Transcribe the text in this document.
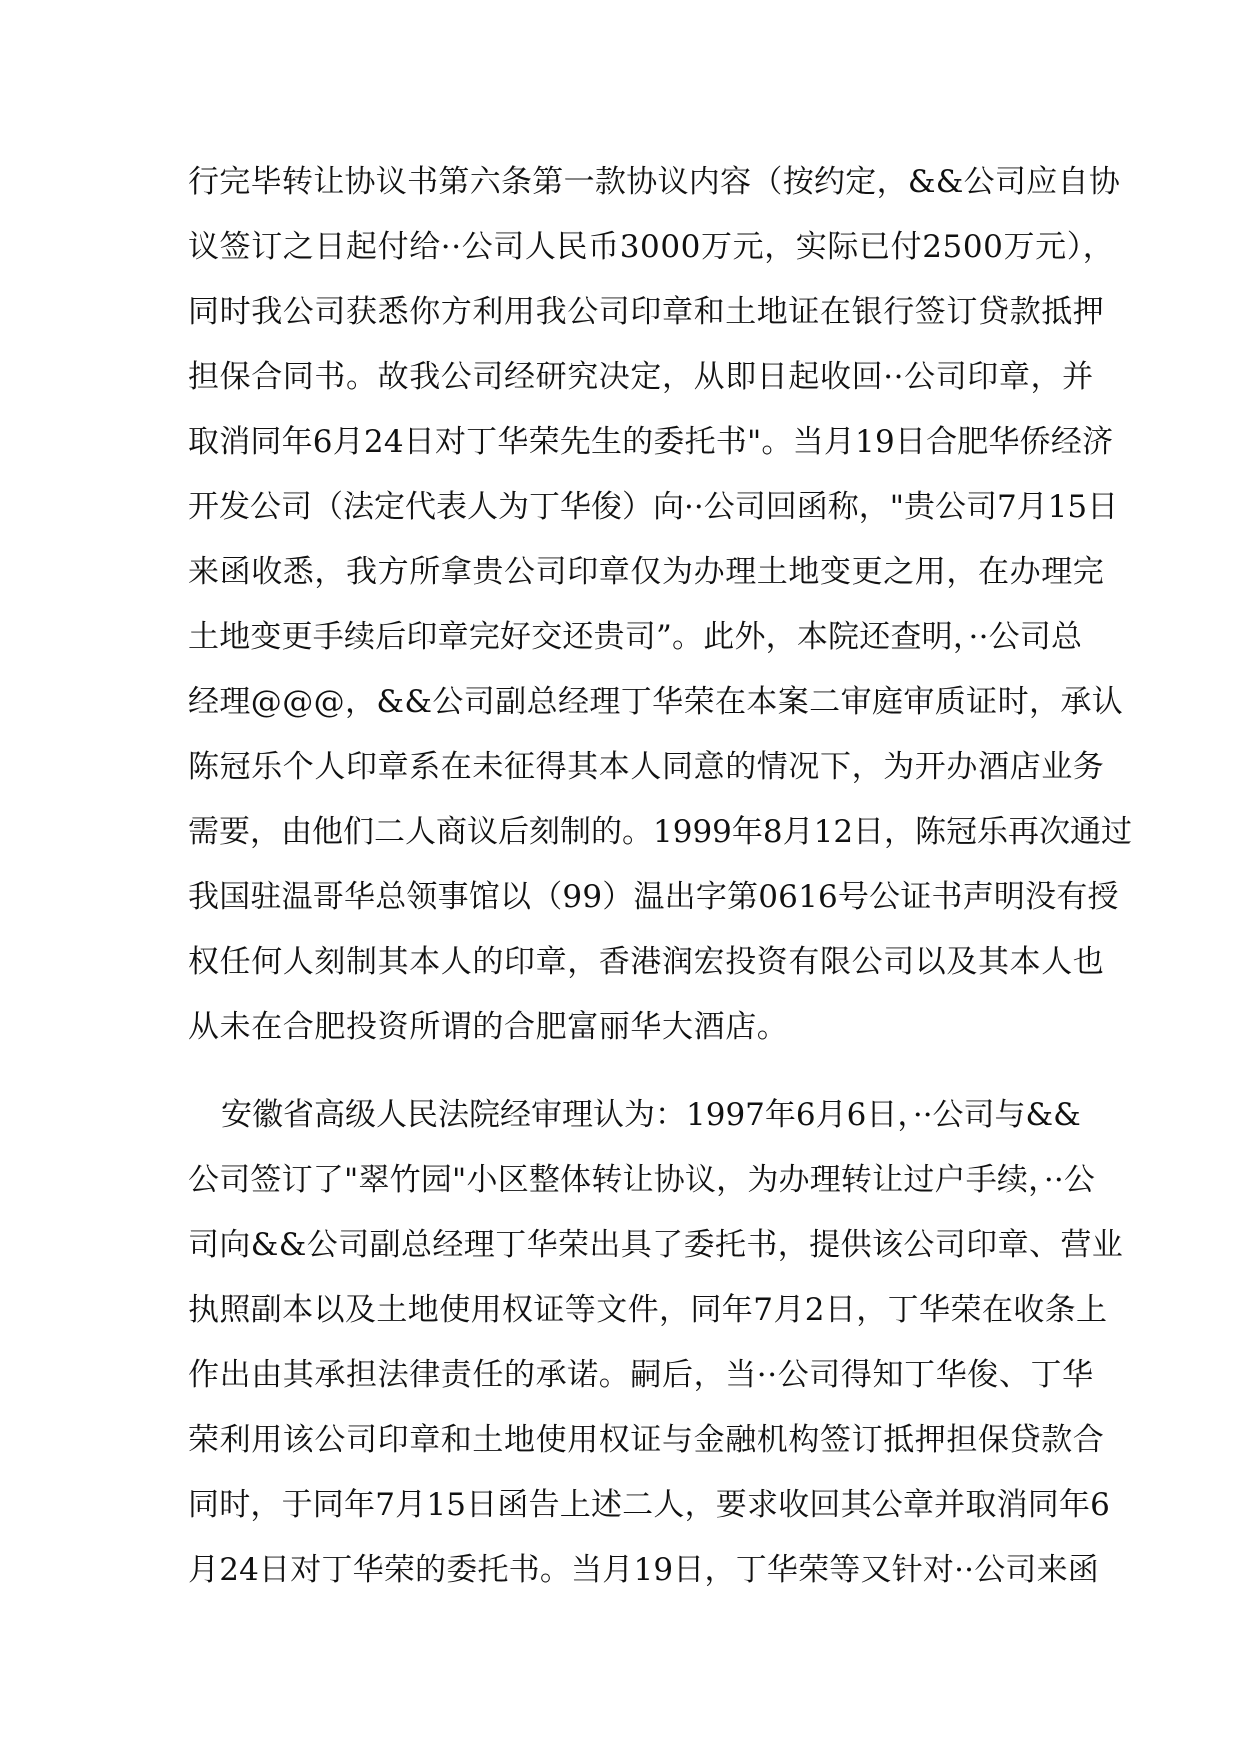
行完毕转让协议书第六条第一款协议内容（按约定，&&公司应自协
议签订之日起付给··公司人民币3000万元，实际已付2500万元），
同时我公司获悉你方利用我公司印章和土地证在银行签订贷款抵押
担保合同书。故我公司经研究决定，从即日起收回··公司印章，并
取消同年6月24日对丁华荣先生的委托书"。当月19日合肥华侨经济
开发公司（法定代表人为丁华俊）向··公司回函称，"贵公司7月15日
来函收悉，我方所拿贵公司印章仅为办理土地变更之用，在办理完
土地变更手续后印章完好交还贵司”。此外，本院还查明，··公司总
经理@@@，&&公司副总经理丁华荣在本案二审庭审质证时，承认
陈冠乐个人印章系在未征得其本人同意的情况下，为开办酒店业务
需要，由他们二人商议后刻制的。1999年8月12日，陈冠乐再次通过
我国驻温哥华总领事馆以（99）温出字第0616号公证书声明没有授
权任何人刻制其本人的印章，香港润宏投资有限公司以及其本人也
从未在合肥投资所谓的合肥富丽华大酒店。
安徽省高级人民法院经审理认为：1997年6月6日，··公司与&&
公司签订了"翠竹园"小区整体转让协议，为办理转让过户手续，··公
司向&&公司副总经理丁华荣出具了委托书，提供该公司印章、营业
执照副本以及土地使用权证等文件，同年7月2日，丁华荣在收条上
作出由其承担法律责任的承诺。嗣后，当··公司得知丁华俊、丁华
荣利用该公司印章和土地使用权证与金融机构签订抵押担保贷款合
同时，于同年7月15日函告上述二人，要求收回其公章并取消同年6
月24日对丁华荣的委托书。当月19日，丁华荣等又针对··公司来函
